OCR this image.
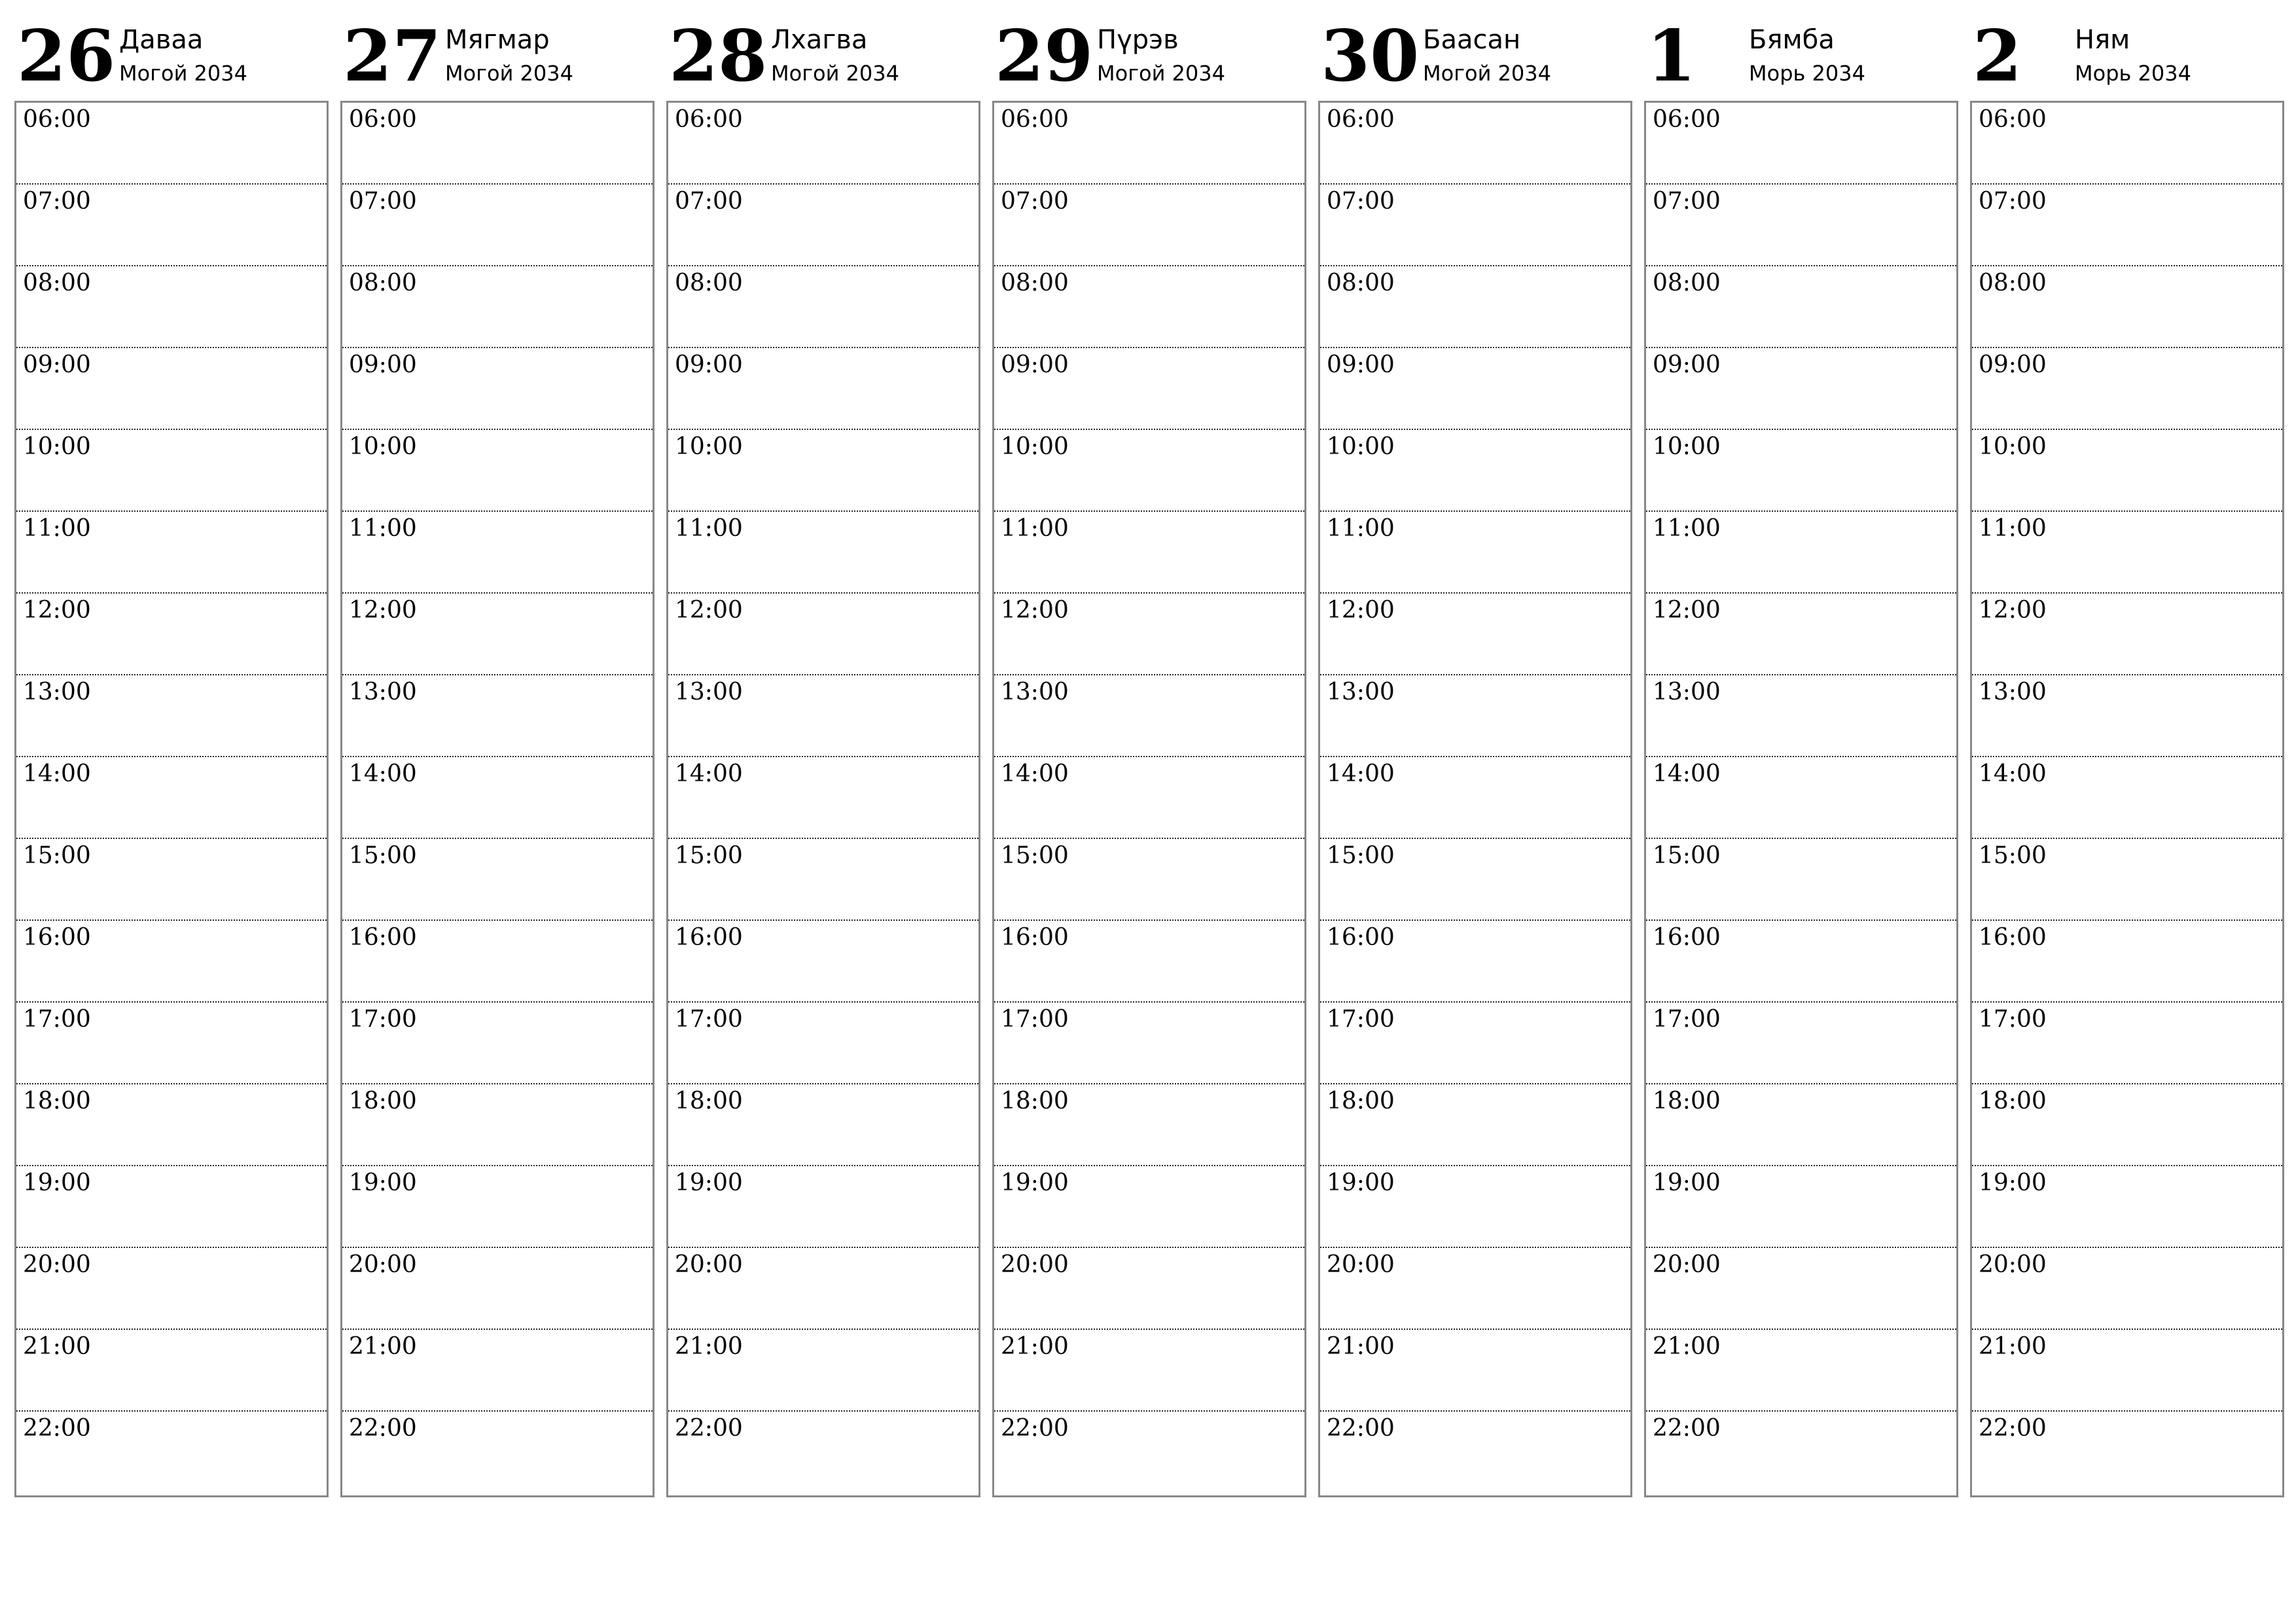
26 Даваа
Могой 2034
06:00
07:00
08:00
09:00
10:00
11:00
12:00
13:00
14:00
15:00
16:00
17:00
18:00
19:00
20:00
21:00
22:00
27 Мягмар
Могой 2034
06:00
07:00
08:00
09:00
10:00
11:00
12:00
13:00
14:00
15:00
16:00
17:00
18:00
19:00
20:00
21:00
22:00
28 Лхагва
Могой 2034
06:00
07:00
08:00
09:00
10:00
11:00
12:00
13:00
14:00
15:00
16:00
17:00
18:00
19:00
20:00
21:00
22:00
29 Пүрэв
Могой 2034
06:00
07:00
08:00
09:00
10:00
11:00
12:00
13:00
14:00
15:00
16:00
17:00
18:00
19:00
20:00
21:00
22:00
30 Баасан
Могой 2034
06:00
07:00
08:00
09:00
10:00
11:00
12:00
13:00
14:00
15:00
16:00
17:00
18:00
19:00
20:00
21:00
22:00
1 Бямба
Морь 2034
06:00
07:00
08:00
09:00
10:00
11:00
12:00
13:00
14:00
15:00
16:00
17:00
18:00
19:00
20:00
21:00
22:00
2 Ням
Морь 2034
06:00
07:00
08:00
09:00
10:00
11:00
12:00
13:00
14:00
15:00
16:00
17:00
18:00
19:00
20:00
21:00
22:00
